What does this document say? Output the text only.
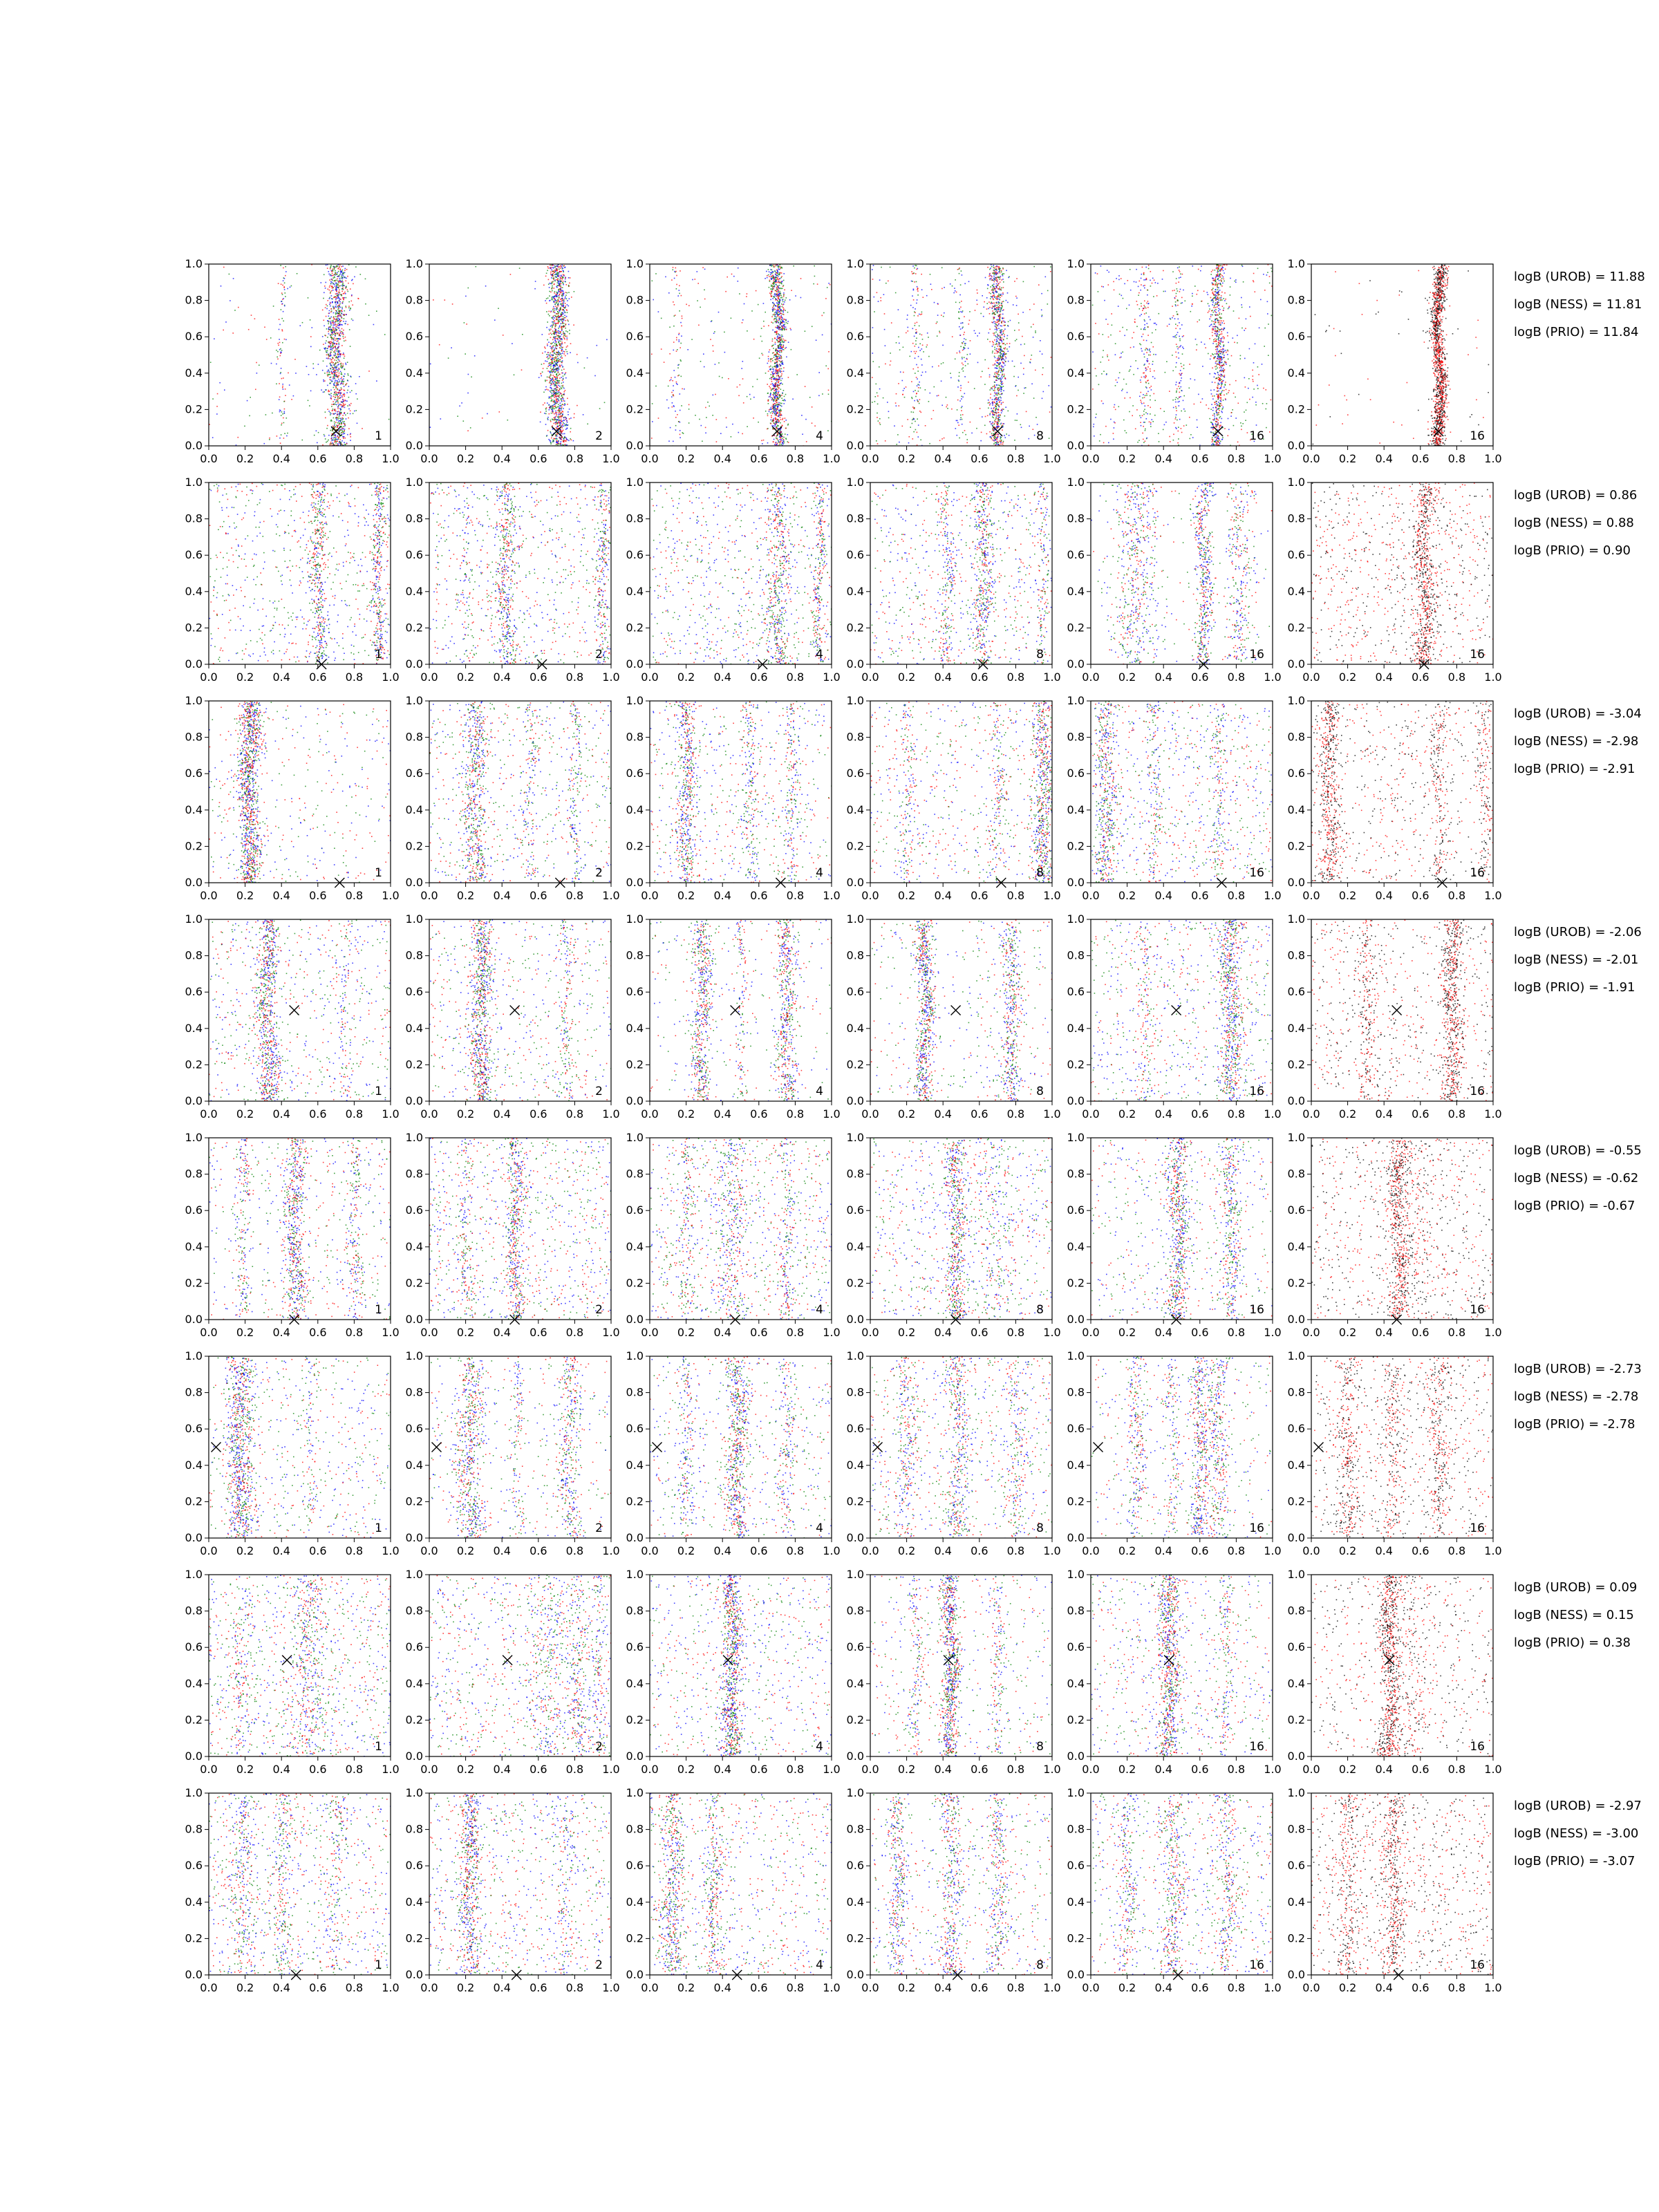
0.0 0.2 0.4 0.6 0.8 1.0
0.0
0.2
0.4
0.6
0.8
1.0
1
0.0 0.2 0.4 0.6 0.8 1.0
0.0
0.2
0.4
0.6
0.8
1.0
2
0.0 0.2 0.4 0.6 0.8 1.0
0.0
0.2
0.4
0.6
0.8
1.0
4
0.0 0.2 0.4 0.6 0.8 1.0
0.0
0.2
0.4
0.6
0.8
1.0
8
0.0 0.2 0.4 0.6 0.8 1.0
0.0
0.2
0.4
0.6
0.8
1.0
16
0.0 0.2 0.4 0.6 0.8 1.0
0.0
0.2
0.4
0.6
0.8
1.0
16
0.0 0.2 0.4 0.6 0.8 1.0
0.0
0.2
0.4
0.6
0.8
1.0
1
0.0 0.2 0.4 0.6 0.8 1.0
0.0
0.2
0.4
0.6
0.8
1.0
2
0.0 0.2 0.4 0.6 0.8 1.0
0.0
0.2
0.4
0.6
0.8
1.0
4
0.0 0.2 0.4 0.6 0.8 1.0
0.0
0.2
0.4
0.6
0.8
1.0
8
0.0 0.2 0.4 0.6 0.8 1.0
0.0
0.2
0.4
0.6
0.8
1.0
16
0.0 0.2 0.4 0.6 0.8 1.0
0.0
0.2
0.4
0.6
0.8
1.0
16
0.0 0.2 0.4 0.6 0.8 1.0
0.0
0.2
0.4
0.6
0.8
1.0
1
0.0 0.2 0.4 0.6 0.8 1.0
0.0
0.2
0.4
0.6
0.8
1.0
2
0.0 0.2 0.4 0.6 0.8 1.0
0.0
0.2
0.4
0.6
0.8
1.0
4
0.0 0.2 0.4 0.6 0.8 1.0
0.0
0.2
0.4
0.6
0.8
1.0
8
0.0 0.2 0.4 0.6 0.8 1.0
0.0
0.2
0.4
0.6
0.8
1.0
16
0.0 0.2 0.4 0.6 0.8 1.0
0.0
0.2
0.4
0.6
0.8
1.0
16
0.0 0.2 0.4 0.6 0.8 1.0
0.0
0.2
0.4
0.6
0.8
1.0
1
0.0 0.2 0.4 0.6 0.8 1.0
0.0
0.2
0.4
0.6
0.8
1.0
2
0.0 0.2 0.4 0.6 0.8 1.0
0.0
0.2
0.4
0.6
0.8
1.0
4
0.0 0.2 0.4 0.6 0.8 1.0
0.0
0.2
0.4
0.6
0.8
1.0
8
0.0 0.2 0.4 0.6 0.8 1.0
0.0
0.2
0.4
0.6
0.8
1.0
16
0.0 0.2 0.4 0.6 0.8 1.0
0.0
0.2
0.4
0.6
0.8
1.0
16
0.0 0.2 0.4 0.6 0.8 1.0
0.0
0.2
0.4
0.6
0.8
1.0
1
0.0 0.2 0.4 0.6 0.8 1.0
0.0
0.2
0.4
0.6
0.8
1.0
2
0.0 0.2 0.4 0.6 0.8 1.0
0.0
0.2
0.4
0.6
0.8
1.0
4
0.0 0.2 0.4 0.6 0.8 1.0
0.0
0.2
0.4
0.6
0.8
1.0
8
0.0 0.2 0.4 0.6 0.8 1.0
0.0
0.2
0.4
0.6
0.8
1.0
16
0.0 0.2 0.4 0.6 0.8 1.0
0.0
0.2
0.4
0.6
0.8
1.0
16
0.0 0.2 0.4 0.6 0.8 1.0
0.0
0.2
0.4
0.6
0.8
1.0
1
0.0 0.2 0.4 0.6 0.8 1.0
0.0
0.2
0.4
0.6
0.8
1.0
2
0.0 0.2 0.4 0.6 0.8 1.0
0.0
0.2
0.4
0.6
0.8
1.0
4
0.0 0.2 0.4 0.6 0.8 1.0
0.0
0.2
0.4
0.6
0.8
1.0
8
0.0 0.2 0.4 0.6 0.8 1.0
0.0
0.2
0.4
0.6
0.8
1.0
16
0.0 0.2 0.4 0.6 0.8 1.0
0.0
0.2
0.4
0.6
0.8
1.0
16
0.0 0.2 0.4 0.6 0.8 1.0
0.0
0.2
0.4
0.6
0.8
1.0
1
0.0 0.2 0.4 0.6 0.8 1.0
0.0
0.2
0.4
0.6
0.8
1.0
2
0.0 0.2 0.4 0.6 0.8 1.0
0.0
0.2
0.4
0.6
0.8
1.0
4
0.0 0.2 0.4 0.6 0.8 1.0
0.0
0.2
0.4
0.6
0.8
1.0
8
0.0 0.2 0.4 0.6 0.8 1.0
0.0
0.2
0.4
0.6
0.8
1.0
16
0.0 0.2 0.4 0.6 0.8 1.0
0.0
0.2
0.4
0.6
0.8
1.0
16
0.0 0.2 0.4 0.6 0.8 1.0
0.0
0.2
0.4
0.6
0.8
1.0
1
0.0 0.2 0.4 0.6 0.8 1.0
0.0
0.2
0.4
0.6
0.8
1.0
2
0.0 0.2 0.4 0.6 0.8 1.0
0.0
0.2
0.4
0.6
0.8
1.0
4
0.0 0.2 0.4 0.6 0.8 1.0
0.0
0.2
0.4
0.6
0.8
1.0
8
0.0 0.2 0.4 0.6 0.8 1.0
0.0
0.2
0.4
0.6
0.8
1.0
16
0.0 0.2 0.4 0.6 0.8 1.0
0.0
0.2
0.4
0.6
0.8
1.0
16
logB (UROB) = 11.88
logB (NESS) = 11.81
logB (PRIO) = 11.84
logB (UROB) = 0.86
logB (NESS) = 0.88
logB (PRIO) = 0.90
logB (UROB) = -3.04
logB (NESS) = -2.98
logB (PRIO) = -2.91
logB (UROB) = -2.06
logB (NESS) = -2.01
logB (PRIO) = -1.91
logB (UROB) = -0.55
logB (NESS) = -0.62
logB (PRIO) = -0.67
logB (UROB) = -2.73
logB (NESS) = -2.78
logB (PRIO) = -2.78
logB (UROB) = 0.09
logB (NESS) = 0.15
logB (PRIO) = 0.38
logB (UROB) = -2.97
logB (NESS) = -3.00
logB (PRIO) = -3.07
